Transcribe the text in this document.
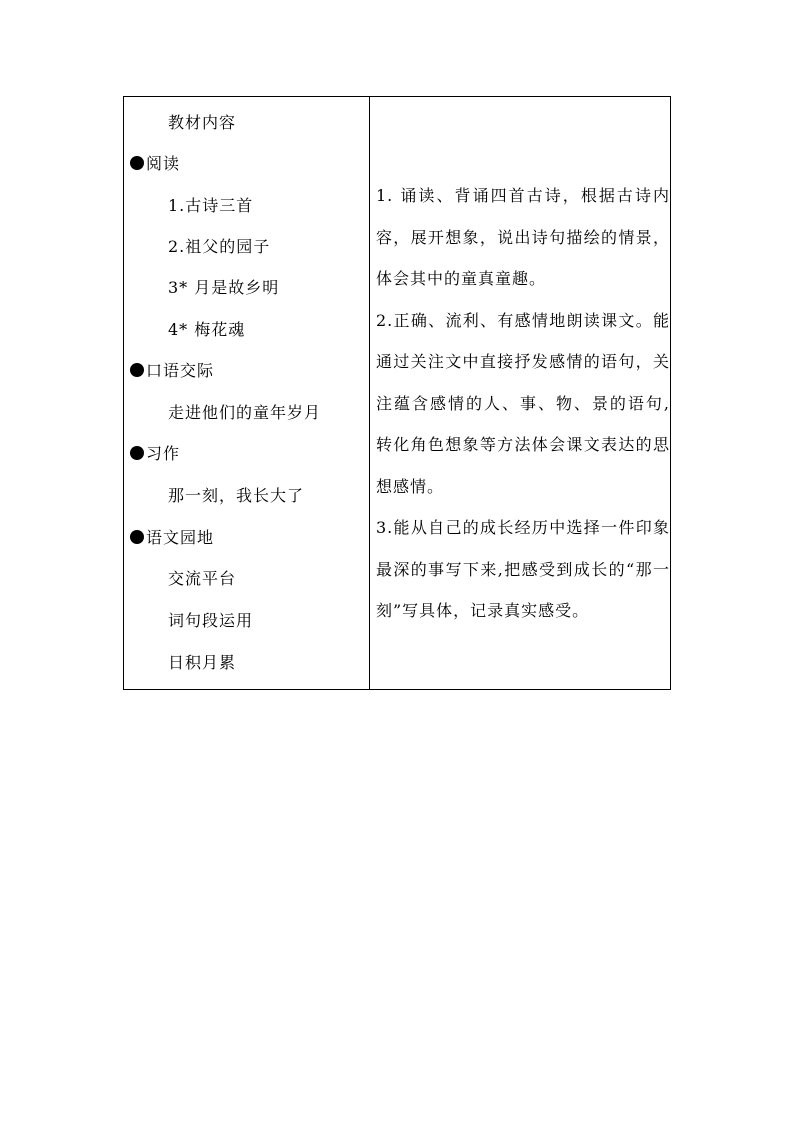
教材内容
阅读
1.古诗三首
2.祖父的园子
3* 月是故乡明
4* 梅花魂
口语交际
走进他们的童年岁月
习作
那一刻，我长大了
语文园地
交流平台
词句段运用
日积月累

1. 诵读、背诵四首古诗，根据古诗内容，展开想象，说出诗句描绘的情景，体会其中的童真童趣。

2.正确、流利、有感情地朗读课文。能通过关注文中直接抒发感情的语句，关注蕴含感情的人、事、物、景的语句,转化角色想象等方法体会课文表达的思想感情。

3.能从自己的成长经历中选择一件印象最深的事写下来,把感受到成长的“那一刻”写具体，记录真实感受。
